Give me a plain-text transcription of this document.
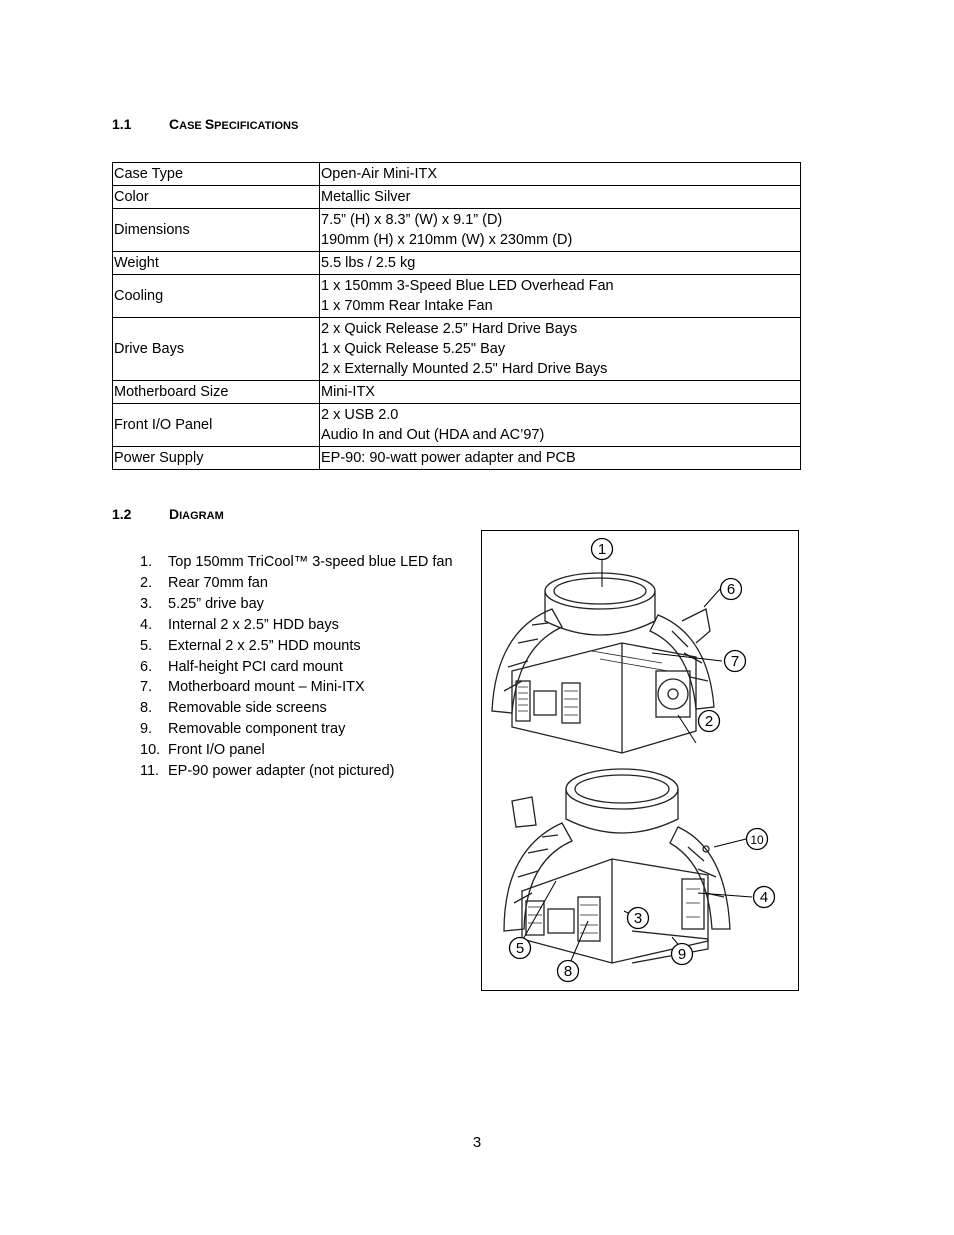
1.1	CASE SPECIFICATIONS
Case Type	Open-Air Mini-ITX

Color	Metallic Silver

Dimensions	7.5” (H) x 8.3” (W) x 9.1” (D)
190mm (H) x 210mm (W) x 230mm (D)

Weight	5.5 lbs / 2.5 kg

Cooling	1 x 150mm 3-Speed Blue LED Overhead Fan
1 x 70mm Rear Intake Fan

Drive Bays	2 x Quick Release 2.5” Hard Drive Bays
1 x Quick Release 5.25" Bay
2 x Externally Mounted 2.5" Hard Drive Bays

Motherboard Size	Mini-ITX

Front I/O Panel	2 x USB 2.0
Audio In and Out (HDA and AC’97)

Power Supply	EP-90: 90-watt power adapter and PCB
1.2	DIAGRAM
1. Top 150mm TriCool™ 3-speed blue LED fan
2. Rear 70mm fan
3. 5.25” drive bay
4. Internal 2 x 2.5” HDD bays
5. External 2 x 2.5” HDD mounts
6. Half-height PCI card mount
7. Motherboard mount – Mini-ITX
8. Removable side screens
9. Removable component tray
10. Front I/O panel
11. EP-90 power adapter (not pictured)
1
2
3
4
5
6
7
8
9
10
3
